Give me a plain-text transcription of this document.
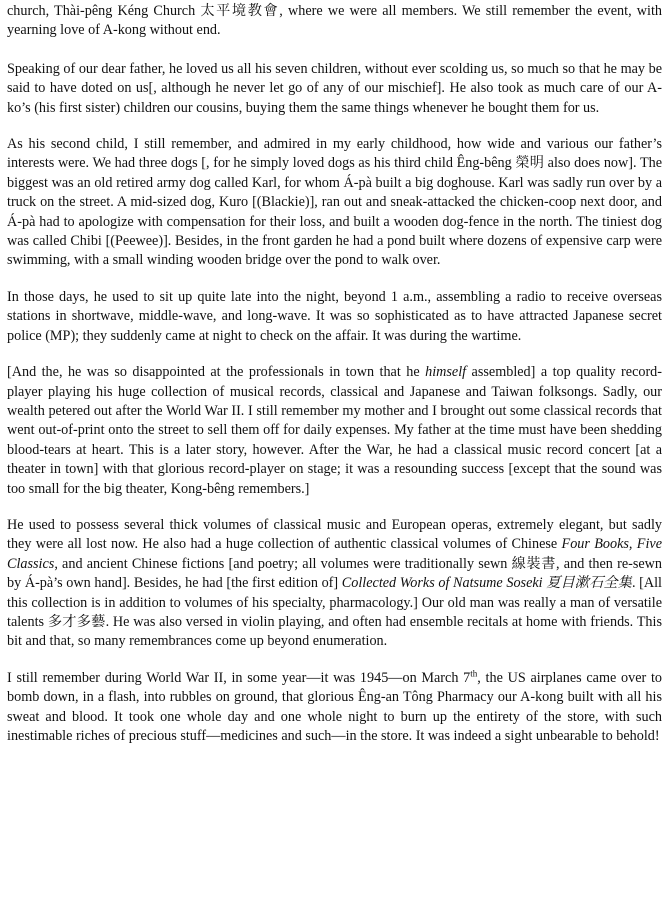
church, Thài-pêng Kéng Church 太平境教會, where we were all members. We still remember the event, with yearning love of A-kong without end.

Speaking of our dear father, he loved us all his seven children, without ever scolding us, so much so that he may be said to have doted on us[, although he never let go of any of our mischief]. He also took as much care of our A-ko’s (his first sister) children our cousins, buying them the same things whenever he bought them for us.

As his second child, I still remember, and admired in my early childhood, how wide and various our father’s interests were. We had three dogs [, for he simply loved dogs as his third child Êng-bêng 榮明 also does now]. The biggest was an old retired army dog called Karl, for whom Á-pà built a big doghouse. Karl was sadly run over by a truck on the street. A mid-sized dog, Kuro [(Blackie)], ran out and sneak-attacked the chicken-coop next door, and Á-pà had to apologize with compensation for their loss, and built a wooden dog-fence in the north. The tiniest dog was called Chibi [(Peewee)]. Besides, in the front garden he had a pond built where dozens of expensive carp were swimming, with a small winding wooden bridge over the pond to walk over.

In those days, he used to sit up quite late into the night, beyond 1 a.m., assembling a radio to receive overseas stations in shortwave, middle-wave, and long-wave. It was so sophisticated as to have attracted Japanese secret police (MP); they suddenly came at night to check on the affair. It was during the wartime.

[And the, he was so disappointed at the professionals in town that he himself assembled] a top quality record-player playing his huge collection of musical records, classical and Japanese and Taiwan folksongs. Sadly, our wealth petered out after the World War II. I still remember my mother and I brought out some classical records that went out-of-print onto the street to sell them off for daily expenses. My father at the time must have been shedding blood-tears at heart. This is a later story, however. After the War, he had a classical music record concert [at a theater in town] with that glorious record-player on stage; it was a resounding success [except that the sound was too small for the big theater, Kong-bêng remembers.]

He used to possess several thick volumes of classical music and European operas, extremely elegant, but sadly they were all lost now. He also had a huge collection of authentic classical volumes of Chinese Four Books, Five Classics, and ancient Chinese fictions [and poetry; all volumes were traditionally sewn 線裝書, and then re-sewn by Á-pà’s own hand]. Besides, he had [the first edition of] Collected Works of Natsume Soseki 夏目漱石全集. [All this collection is in addition to volumes of his specialty, pharmacology.] Our old man was really a man of versatile talents 多才多藝. He was also versed in violin playing, and often had ensemble recitals at home with friends. This bit and that, so many remembrances come up beyond enumeration.

I still remember during World War II, in some year—it was 1945—on March 7th, the US airplanes came over to bomb down, in a flash, into rubbles on ground, that glorious Êng-an Tông Pharmacy our A-kong built with all his sweat and blood. It took one whole day and one whole night to burn up the entirety of the store, with such inestimable riches of precious stuff—medicines and such—in the store. It was indeed a sight unbearable to behold!
